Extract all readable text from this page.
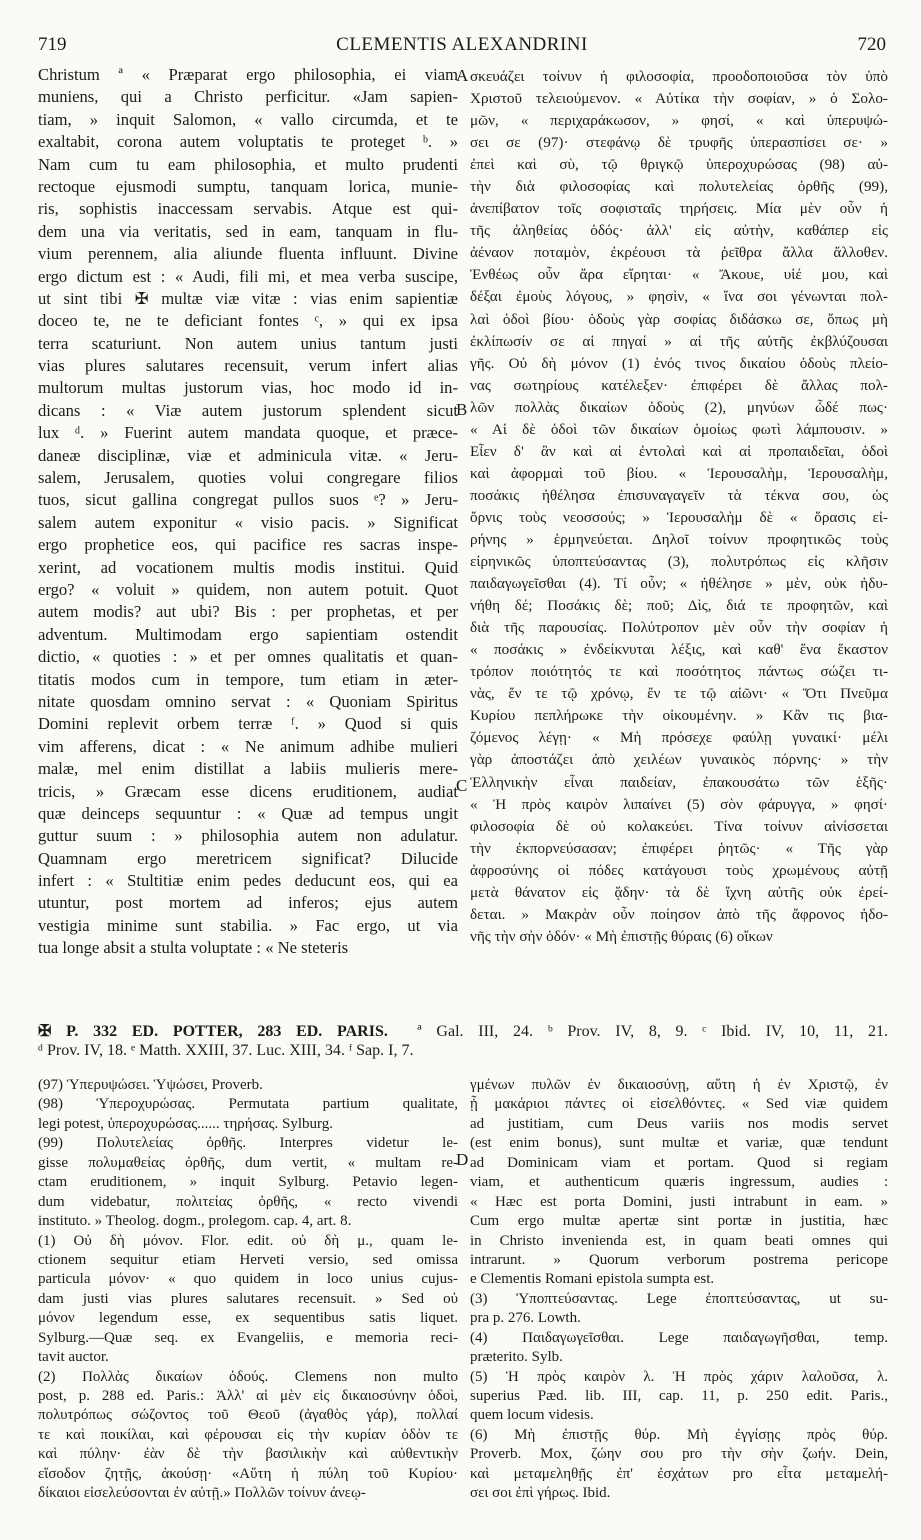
719	CLEMENTIS ALEXANDRINI	720

Christum ª « Præparat ergo philosophia, ei viam

muniens, qui a Christo perficitur. «Jam sapien-

tiam, » inquit Salomon, « vallo circumda, et te

exaltabit, corona autem voluptatis te proteget ᵇ. »

Nam cum tu eam philosophia, et multo prudenti

rectoque ejusmodi sumptu, tanquam lorica, munie-

ris, sophistis inaccessam servabis. Atque est qui-

dem una via veritatis, sed in eam, tanquam in flu-

vium perennem, alia aliunde fluenta influunt. Divine

ergo dictum est : « Audi, fili mi, et mea verba suscipe,

ut sint tibi ✠ multæ viæ vitæ : vias enim sapientiæ

doceo te, ne te deficiant fontes ᶜ, » qui ex ipsa

terra scaturiunt. Non autem unius tantum justi

vias plures salutares recensuit, verum infert alias

multorum multas justorum vias, hoc modo id in-

dicans : « Viæ autem justorum splendent sicut

lux ᵈ. » Fuerint autem mandata quoque, et præce-

daneæ disciplinæ, viæ et adminicula vitæ. « Jeru-

salem, Jerusalem, quoties volui congregare filios

tuos, sicut gallina congregat pullos suos ᵉ? » Jeru-

salem autem exponitur « visio pacis. » Significat

ergo prophetice eos, qui pacifice res sacras inspe-

xerint, ad vocationem multis modis institui. Quid

ergo? « voluit » quidem, non autem potuit. Quot

autem modis? aut ubi? Bis : per prophetas, et per

adventum. Multimodam ergo sapientiam ostendit

dictio, « quoties : » et per omnes qualitatis et quan-

titatis modos cum in tempore, tum etiam in æter-

nitate quosdam omnino servat : « Quoniam Spiritus

Domini replevit orbem terræ ᶠ. » Quod si quis

vim afferens, dicat : « Ne animum adhibe mulieri

malæ, mel enim distillat a labiis mulieris mere-

tricis, » Græcam esse dicens eruditionem, audiat

quæ deinceps sequuntur : « Quæ ad tempus ungit

guttur suum : » philosophia autem non adulatur.

Quamnam ergo meretricem significat? Dilucide

infert : « Stultitiæ enim pedes deducunt eos, qui ea

utuntur, post mortem ad inferos; ejus autem

vestigia minime sunt stabilia. » Fac ergo, ut via

tua longe absit a stulta voluptate : « Ne steteris

σκευάζει τοίνυν ἡ φιλοσοφία, προοδοποιοῦσα τὸν ὑπὸ

Χριστοῦ τελειούμενον. « Αὐτίκα τὴν σοφίαν, » ὁ Σολο-

μῶν, « περιχαράκωσον, » φησί, « καὶ ὑπερυψώ-

σει σε (97)· στεφάνῳ δὲ τρυφῆς ὑπερασπίσει σε· »

ἐπεὶ καὶ σὺ, τῷ θριγκῷ ὑπεροχυρώσας (98) αὐ-

τὴν διὰ φιλοσοφίας καὶ πολυτελείας ὀρθῆς (99),

ἀνεπίβατον τοῖς σοφισταῖς τηρήσεις. Μία μὲν οὖν ἡ

τῆς ἀληθείας ὁδός· ἀλλ' εἰς αὐτὴν, καθάπερ εἰς

ἀέναον ποταμὸν, ἐκρέουσι τὰ ῥεῖθρα ἄλλα ἄλλοθεν.

Ἐνθέως οὖν ἄρα εἴρηται· « Ἄκουε, υἱέ μου, καὶ

δέξαι ἐμοὺς λόγους, » φησὶν, « ἵνα σοι γένωνται πολ-

λαὶ ὁδοὶ βίου· ὁδοὺς γὰρ σοφίας διδάσκω σε, ὅπως μὴ

ἐκλίπωσίν σε αἱ πηγαί » αἱ τῆς αὐτῆς ἐκβλύζουσαι

γῆς. Οὐ δὴ μόνον (1) ἑνός τινος δικαίου ὁδοὺς πλείο-

νας σωτηρίους κατέλεξεν· ἐπιφέρει δὲ ἄλλας πολ-

λῶν πολλὰς δικαίων ὁδοὺς (2), μηνύων ὧδέ πως·

« Αἱ δὲ ὁδοὶ τῶν δικαίων ὁμοίως φωτὶ λάμπουσιν. »

Εἶεν δ' ἂν καὶ αἱ ἐντολαὶ καὶ αἱ προπαιδεῖαι, ὁδοὶ

καὶ ἀφορμαὶ τοῦ βίου. « Ἱερουσαλὴμ, Ἱερουσαλὴμ,

ποσάκις ἠθέλησα ἐπισυναγαγεῖν τὰ τέκνα σου, ὡς

ὄρνις τοὺς νεοσσούς; » Ἱερουσαλὴμ δὲ « ὅρασις εἰ-

ρήνης » ἑρμηνεύεται. Δηλοῖ τοίνυν προφητικῶς τοὺς

εἰρηνικῶς ὑποπτεύσαντας (3), πολυτρόπως εἰς κλῆσιν

παιδαγωγεῖσθαι (4). Τί οὖν; « ἠθέλησε » μὲν, οὐκ ἠδυ-

νήθη δέ; Ποσάκις δὲ; ποῦ; Δὶς, διά τε προφητῶν, καὶ

διὰ τῆς παρουσίας. Πολύτροπον μὲν οὖν τὴν σοφίαν ἡ

« ποσάκις » ἐνδείκνυται λέξις, καὶ καθ' ἕνα ἕκαστον

τρόπον ποιότητός τε καὶ ποσότητος πάντως σώζει τι-

νὰς, ἔν τε τῷ χρόνῳ, ἔν τε τῷ αἰῶνι· « Ὅτι Πνεῦμα

Κυρίου πεπλήρωκε τὴν οἰκουμένην. » Κἂν τις βια-

ζόμενος λέγῃ· « Μὴ πρόσεχε φαύλῃ γυναικί· μέλι

γὰρ ἀποστάζει ἀπὸ χειλέων γυναικὸς πόρνης· » τὴν

Ἑλληνικὴν εἶναι παιδείαν, ἐπακουσάτω τῶν ἑξῆς·

« Ἡ πρὸς καιρὸν λιπαίνει (5) σὸν φάρυγγα, » φησί·

φιλοσοφία δὲ οὐ κολακεύει. Τίνα τοίνυν αἰνίσσεται

τὴν ἐκπορνεύσασαν; ἐπιφέρει ῥητῶς· « Τῆς γὰρ

ἀφροσύνης οἱ πόδες κατάγουσι τοὺς χρωμένους αὐτῇ

μετὰ θάνατον εἰς ᾅδην· τὰ δὲ ἴχνη αὐτῆς οὐκ ἐρεί-

δεται. » Μακρὰν οὖν ποίησον ἀπὸ τῆς ἄφρονος ἡδο-

νῆς τὴν σὴν ὁδόν· « Μὴ ἐπιστῇς θύραις (6) οἴκων

A
B
C
D

✠ P. 332 ED. POTTER, 283 ED. PARIS. ª Gal. III, 24. ᵇ Prov. IV, 8, 9. ᶜ Ibid. IV, 10, 11, 21.

ᵈ Prov. IV, 18. ᵉ Matth. XXIII, 37. Luc. XIII, 34. ᶠ Sap. I, 7.

(97) Ὑπερυψώσει. Ὑψώσει, Proverb.

(98) Ὑπεροχυρώσας. Permutata partium qualitate,

legi potest, ὑπεροχυρώσας...... τηρήσας. Sylburg.

(99) Πολυτελείας ὀρθῆς. Interpres videtur le-

gisse πολυμαθείας ὀρθῆς, dum vertit, « multam re-

ctam eruditionem, » inquit Sylburg. Petavio legen-

dum videbatur, πολιτείας ὀρθῆς, « recto vivendi

instituto. » Theolog. dogm., prolegom. cap. 4, art. 8.

(1) Οὐ δὴ μόνον. Flor. edit. οὐ δὴ μ., quam le-

ctionem sequitur etiam Herveti versio, sed omissa

particula μόνον· « quo quidem in loco unius cujus-

dam justi vias plures salutares recensuit. » Sed οὐ

μόνον legendum esse, ex sequentibus satis liquet.

Sylburg.—Quæ seq. ex Evangeliis, e memoria reci-

tavit auctor.

(2) Πολλὰς δικαίων ὁδούς. Clemens non multo

post, p. 288 ed. Paris.: Ἀλλ' αἱ μὲν εἰς δικαιοσύνην ὁδοὶ,

πολυτρόπως σώζοντος τοῦ Θεοῦ (ἀγαθὸς γάρ), πολλαί

τε καὶ ποικίλαι, καὶ φέρουσαι εἰς τὴν κυρίαν ὁδὸν τε

καὶ πύλην· ἐὰν δὲ τὴν βασιλικὴν καὶ αὐθεντικὴν

εἴσοδον ζητῇς, ἀκούσῃ· «Αὕτη ἡ πύλη τοῦ Κυρίου·

δίκαιοι εἰσελεύσονται ἐν αὐτῇ.» Πολλῶν τοίνυν ἀνεῳ-

γμένων πυλῶν ἐν δικαιοσύνῃ, αὕτη ἡ ἐν Χριστῷ, ἐν

ᾗ μακάριοι πάντες οἱ εἰσελθόντες. « Sed viæ quidem

ad justitiam, cum Deus variis nos modis servet

(est enim bonus), sunt multæ et variæ, quæ tendunt

ad Dominicam viam et portam. Quod si regiam

viam, et authenticum quæris ingressum, audies :

« Hæc est porta Domini, justi intrabunt in eam. »

Cum ergo multæ apertæ sint portæ in justitia, hæc

in Christo invenienda est, in quam beati omnes qui

intrarunt. » Quorum verborum postrema pericope

e Clementis Romani epistola sumpta est.

(3) Ὑποπτεύσαντας. Lege ἐποπτεύσαντας, ut su-

pra p. 276. Lowth.

(4) Παιδαγωγεῖσθαι. Lege παιδαγωγῆσθαι, temp.

præterito. Sylb.

(5) Ἡ πρὸς καιρὸν λ. Ἡ πρὸς χάριν λαλοῦσα, λ.

superius Pæd. lib. III, cap. 11, p. 250 edit. Paris.,

quem locum videsis.

(6) Μὴ ἐπιστῇς θύρ. Μὴ ἐγγίσῃς πρὸς θύρ.

Proverb. Mox, ζώην σου pro τὴν σὴν ζωήν. Dein,

καὶ μεταμεληθῇς ἐπ' ἐσχάτων pro εἶτα μεταμελή-

σει σοι ἐπὶ γήρως. Ibid.
